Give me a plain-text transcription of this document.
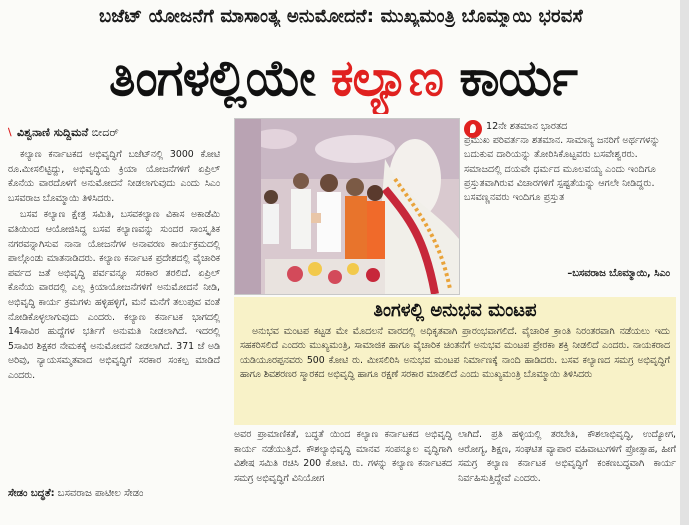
ಬಜೆಟ್ ಯೋಜನೆಗೆ ಮಾಸಾಂತ್ಯ ಅನುಮೋದನೆ: ಮುಖ್ಯಮಂತ್ರಿ ಬೊಮ್ಮಾಯಿ ಭರವಸೆ
ತಿಂಗಳಲ್ಲಿಯೇ ಕಲ್ಯಾಣ ಕಾರ್ಯ
⧵ ವಿಶ್ವನಾಣಿ ಸುದ್ದಿಮನೆ ಬೀದರ್

ಕಲ್ಯಾಣ ಕರ್ನಾಟಕದ ಅಭಿವೃದ್ಧಿಗೆ ಬಜೆಟ್‌ನಲ್ಲಿ 3000 ಕೋಟಿ ರೂ.ಮೀಸಲಿಟ್ಟಿದ್ದು, ಅಭಿವೃದ್ಧಿಯ ಕ್ರಿಯಾ ಯೋಜನೆಗಳಿಗೆ ಏಪ್ರಿಲ್ ಕೊನೆಯ ವಾರದೊಳಗೆ ಅನುಮೋದನೆ ನೀಡಲಾಗುವುದು ಎಂದು ಸಿಎಂ ಬಸವರಾಜ ಬೊಮ್ಮಾಯಿ ತಿಳಿಸಿದರು.

ಬಸವ ಕಲ್ಯಾಣ ಕ್ಷೇತ್ರ ಸಮಿತಿ, ಬಸವಕಲ್ಯಾಣ ವಿಕಾಸ ಅಕಾಡೆಮಿ ವತಿಯಿಂದ ಆಯೋಜಿಸಿದ್ದ ಬಸವ ಕಲ್ಯಾಣವನ್ನು ಸುಂದರ ಸಾಂಸ್ಕೃತಿಕ ನಗರವನ್ನಾಗಿಸುವ ನಾನಾ ಯೋಜನೆಗಳ ಅನಾವರಣ ಕಾರ್ಯಕ್ರಮದಲ್ಲಿ ಪಾಲ್ಗೊಂಡು ಮಾತನಾಡಿದರು. ಕಲ್ಯಾಣ ಕರ್ನಾಟಕ ಪ್ರದೇಶದಲ್ಲಿ ವೈಚಾರಿಕ ಪರ್ವದ ಜತೆ ಅಭಿವೃದ್ಧಿ ಪರ್ವವನ್ನೂ ಸರಕಾರ ತರಲಿದೆ. ಏಪ್ರಿಲ್ ಕೊನೆಯ ವಾರದಲ್ಲಿ ಎಲ್ಲ ಕ್ರಿಯಾಯೋಜನೆಗಳಿಗೆ ಅನುಮೋದನೆ ನೀಡಿ, ಅಭಿವೃದ್ಧಿ ಕಾರ್ಯ ಕ್ರಮಗಳು ಹಳ್ಳಿಹಳ್ಳಿಗೆ, ಮನೆ ಮನೆಗೆ ತಲುಪುವ ವಂತೆ ನೋಡಿಕೊಳ್ಳಲಾಗುವುದು ಎಂದರು. ಕಲ್ಯಾಣ ಕರ್ನಾಟಕ ಭಾಗದಲ್ಲಿ 14ಸಾವಿರ ಹುದ್ದೆಗಳ ಭರ್ತಿಗೆ ಅನುಮತಿ ನೀಡಲಾಗಿದೆ. ಇದರಲ್ಲಿ 5ಸಾವಿರ ಶಿಕ್ಷಕರ ನೇಮಕಕ್ಕೆ ಅನುಮೋದನೆ ನೀಡಲಾಗಿದೆ. 371 ಜೆ ಅಡಿ ಅರಿವು, ನ್ಯಾಯಸಮ್ಮತವಾದ ಅಭಿವೃದ್ಧಿಗೆ ಸರಕಾರ ಸಂಕಲ್ಪ ಮಾಡಿದೆ ಎಂದರು.

ಸೇಡಂ ಬದ್ಧತೆ: ಬಸವರಾಜ ಪಾಟೀಲ ಸೇಡಂ
12ನೇ ಶತಮಾನ ಭಾರತದ
ಪ್ರಮುಖ ಪರಿವರ್ತನಾ ಶತಮಾನ. ಸಾಮಾನ್ಯ ಜನರಿಗೆ ಅರ್ಥಗಳನ್ನು ಬದುಕುವ ದಾರಿಯನ್ನು ತೋರಿಸಿಕೊಟ್ಟವರು ಬಸವೇಶ್ವರರು. ಸಮಾಜದಲ್ಲಿ ದಯವೇ ಧರ್ಮದ ಮೂಲವಯ್ಯ ಎಂದು ಇಂದಿಗೂ ಪ್ರಸ್ತುತವಾಗಿರುವ ವಿಚಾರಗಳಿಗೆ ಸ್ಪಷ್ಟತೆಯನ್ನು ಆಗಲೇ ನೀಡಿದ್ದರು. ಬಸವಣ್ಣನವರು ಇಂದಿಗೂ ಪ್ರಸ್ತುತ
–ಬಸವರಾಜ ಬೊಮ್ಮಾಯಿ, ಸಿಎಂ
ತಿಂಗಳಲ್ಲಿ ಅನುಭವ ಮಂಟಪ

ಅನುಭವ ಮಂಟಪ ಕಟ್ಟಡ ಮೇ ಮೊದಲನೆ ವಾರದಲ್ಲಿ ಅಧಿಕೃತವಾಗಿ ಪ್ರಾರಂಭವಾಗಲಿದೆ. ವೈಚಾರಿಕ ಕ್ರಾಂತಿ ನಿರಂತರವಾಗಿ ನಡೆಯಲು ಇದು ಸಹಕರಿಸಲಿದೆ ಎಂದರು ಮುಖ್ಯಮಂತ್ರಿ, ಸಾಮಾಜಿಕ ಹಾಗೂ ವೈಚಾರಿಕ ಚಿಂತನೆಗೆ ಅನುಭವ ಮಂಟಪ ಪ್ರೇರಕಾ ಶಕ್ತಿ ನೀಡಲಿದೆ ಎಂದರು. ನಾಯಕರಾದ ಯಡಿಯೂರಪ್ಪನವರು 500 ಕೋಟಿ ರು. ಮೀಸಲಿರಿಸಿ ಅನುಭವ ಮಂಟಪ ನಿರ್ಮಾಣಕ್ಕೆ ನಾಂದಿ ಹಾಡಿದರು. ಬಸವ ಕಲ್ಯಾಣದ ಸಮಗ್ರ ಅಭಿವೃದ್ಧಿಗೆ ಹಾಗೂ ಶಿವಶರಣರ ಸ್ಮಾರಕದ ಅಭಿವೃದ್ಧಿ ಹಾಗೂ ರಕ್ಷಣೆ ಸರಕಾರ ಮಾಡಲಿದೆ ಎಂದು ಮುಖ್ಯಮಂತ್ರಿ ಬೊಮ್ಮಾಯಿ ತಿಳಿಸಿದರು

ಅವರ ಪ್ರಾಮಾಣಿಕತೆ, ಬದ್ಧತೆ ಯಿಂದ ಕಲ್ಯಾಣ ಕರ್ನಾಟಕದ ಅಭಿವೃದ್ಧಿ ಕಾರ್ಯ ನಡೆಯುತ್ತಿದೆ. ಕೌಶಲ್ಯಾಭಿವೃದ್ಧಿ ಮಾನವ ಸಂಪನ್ಮೂಲ ವೃದ್ಧಿಗಾಗಿ ವಿಶೇಷ ಸಮಿತಿ ರಚಿಸಿ 200 ಕೋಟಿ. ರು. ಗಳನ್ನು ಕಲ್ಯಾಣ ಕರ್ನಾಟಕದ ಸಮಗ್ರ ಅಭಿವೃದ್ಧಿಗೆ ವಿನಿಯೋಗ

ಲಾಗಿದೆ. ಪ್ರತಿ ಹಳ್ಳಿಯಲ್ಲಿ ತರಬೇತಿ, ಕೌಶಲಾಭಿವೃದ್ಧಿ, ಉದ್ಯೋಗ, ಆರೋಗ್ಯ, ಶಿಕ್ಷಣ, ಸಂಘಟಿತ ವ್ಯಾಪಾರ ವಹಿವಾಟುಗಳಿಗೆ ಪ್ರೋತ್ಸಾಹ, ಹೀಗೆ ಸಮಗ್ರ ಕಲ್ಯಾಣ ಕರ್ನಾಟಕ ಅಭಿವೃದ್ಧಿಗೆ ಕಂಕಣಬದ್ಧವಾಗಿ ಕಾರ್ಯ ನಿರ್ವಹಿಸುತ್ತಿದ್ದೇವೆ ಎಂದರು.
